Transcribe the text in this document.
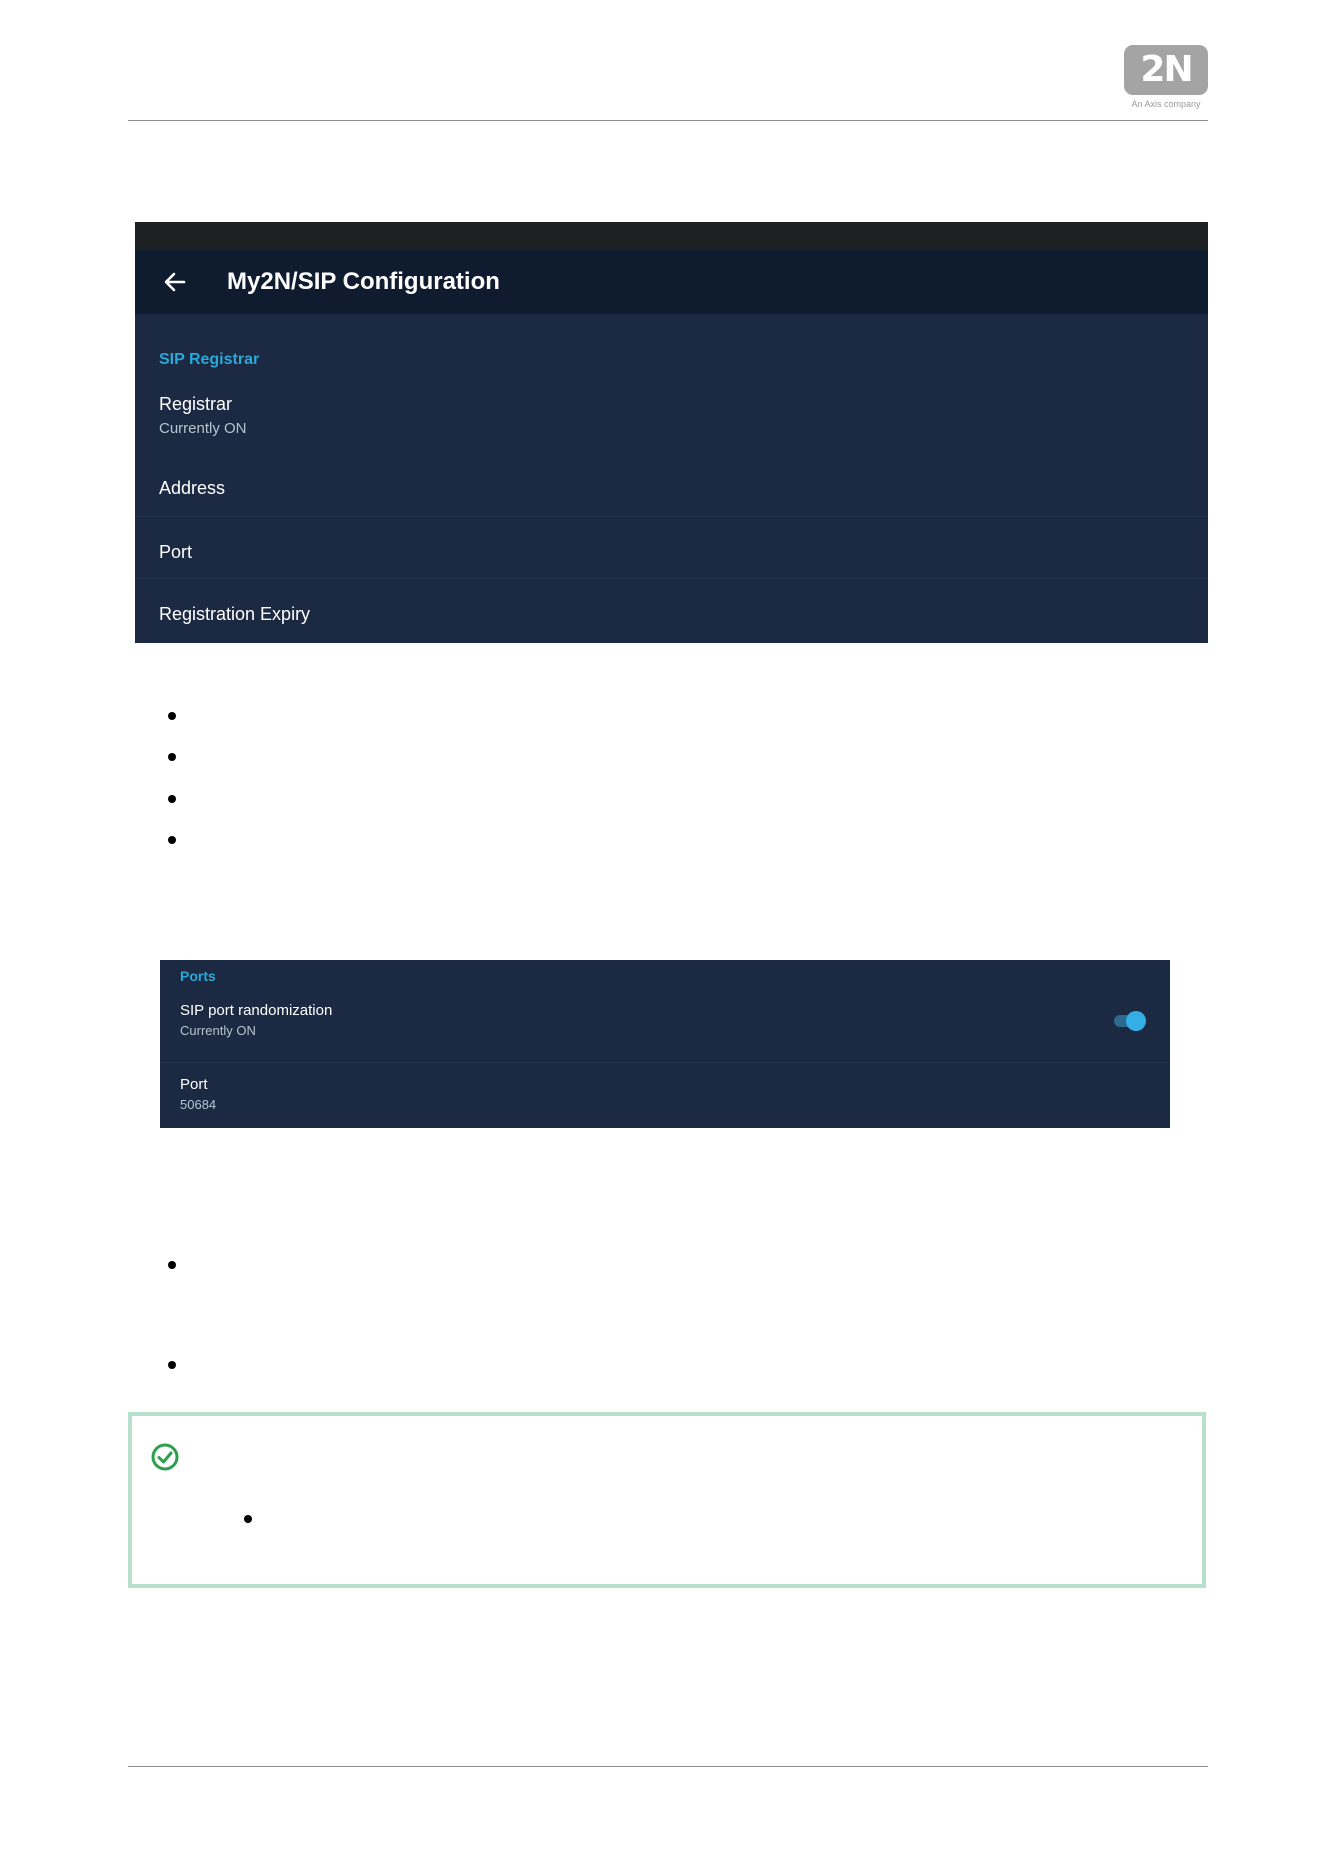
2N
An Axis company
My2N/SIP Configuration
SIP Registrar
Registrar
Currently ON
Address
Port
Registration Expiry
Ports
SIP port randomization
Currently ON
Port
50684
